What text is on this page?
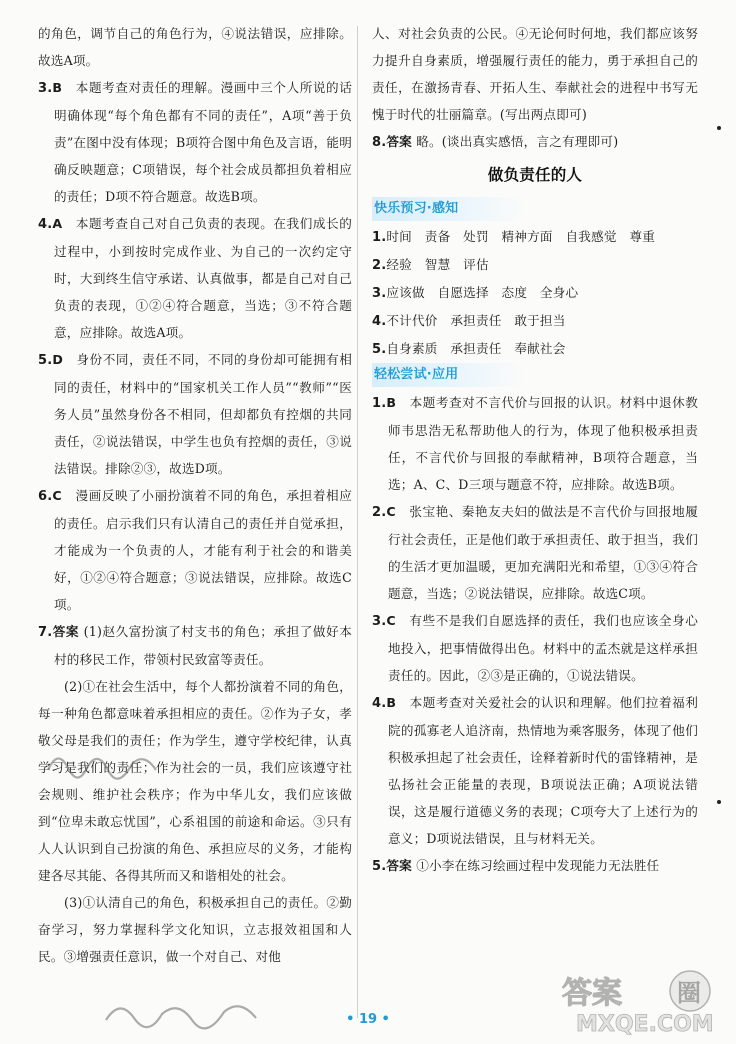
的角色，调节自己的角色行为，④说法错误，应排除。故选A项。

3.B　 本题考查对责任的理解。漫画中三个人所说的话明确体现“每个角色都有不同的责任”，A项“善于负责”在图中没有体现；B项符合图中角色及言语，能明确反映题意；C项错误，每个社会成员都担负着相应的责任；D项不符合题意。故选B项。

4.A　 本题考查自己对自己负责的表现。在我们成长的过程中，小到按时完成作业、为自己的一次约定守时，大到终生信守承诺、认真做事，都是自己对自己负责的表现，①②④符合题意，当选；③不符合题意，应排除。故选A项。

5.D　 身份不同，责任不同，不同的身份却可能拥有相同的责任，材料中的“国家机关工作人员”“教师”“医务人员”虽然身份各不相同，但却都负有控烟的共同责任，②说法错误，中学生也负有控烟的责任，③说法错误。排除②③，故选D项。

6.C　 漫画反映了小丽扮演着不同的角色，承担着相应的责任。启示我们只有认清自己的责任并自觉承担，才能成为一个负责的人，才能有利于社会的和谐美好，①②④符合题意；③说法错误，应排除。故选C项。

7.答案 (1)赵久富扮演了村支书的角色；承担了做好本村的移民工作，带领村民致富等责任。

(2)①在社会生活中，每个人都扮演着不同的角色，每一种角色都意味着承担相应的责任。②作为子女，孝敬父母是我们的责任；作为学生，遵守学校纪律，认真学习是我们的责任；作为社会的一员，我们应该遵守社会规则、维护社会秩序；作为中华儿女，我们应该做到“位卑未敢忘忧国”，心系祖国的前途和命运。③只有人人认识到自己扮演的角色、承担应尽的义务，才能构建各尽其能、各得其所而又和谐相处的社会。

(3)①认清自己的角色，积极承担自己的责任。②勤奋学习，努力掌握科学文化知识，立志报效祖国和人民。③增强责任意识，做一个对自己、对他

人、对社会负责的公民。④无论何时何地，我们都应该努力提升自身素质，增强履行责任的能力，勇于承担自己的责任，在激扬青春、开拓人生、奉献社会的进程中书写无愧于时代的壮丽篇章。(写出两点即可)

8.答案 略。(谈出真实感悟，言之有理即可)

做负责任的人
快乐预习·感知

1.时间　责备　处罚　精神方面　自我感觉　尊重

2.经验　智慧　评估

3.应该做　自愿选择　态度　全身心

4.不计代价　承担责任　敢于担当

5.自身素质　承担责任　奉献社会

轻松尝试·应用

1.B　 本题考查对不言代价与回报的认识。材料中退休教师韦思浩无私帮助他人的行为，体现了他积极承担责任，不言代价与回报的奉献精神，B项符合题意，当选；A、C、D三项与题意不符，应排除。故选B项。

2.C　 张宝艳、秦艳友夫妇的做法是不言代价与回报地履行社会责任，正是他们敢于承担责任、敢于担当，我们的生活才更加温暖，更加充满阳光和希望，①③④符合题意，当选；②说法错误，应排除。故选C项。

3.C　 有些不是我们自愿选择的责任，我们也应该全身心地投入，把事情做得出色。材料中的孟杰就是这样承担责任的。因此，②③是正确的，①说法错误。

4.B　 本题考查对关爱社会的认识和理解。他们拉着福利院的孤寡老人追济南，热情地为乘客服务，体现了他们积极承担起了社会责任，诠释着新时代的雷锋精神，是弘扬社会正能量的表现，B项说法正确；A项说法错误，这是履行道德义务的表现；C项夸大了上述行为的意义；D项说法错误，且与材料无关。

5.答案 ①小李在练习绘画过程中发现能力无法胜任

• 19 •
答案 圈
MXQE.COM
